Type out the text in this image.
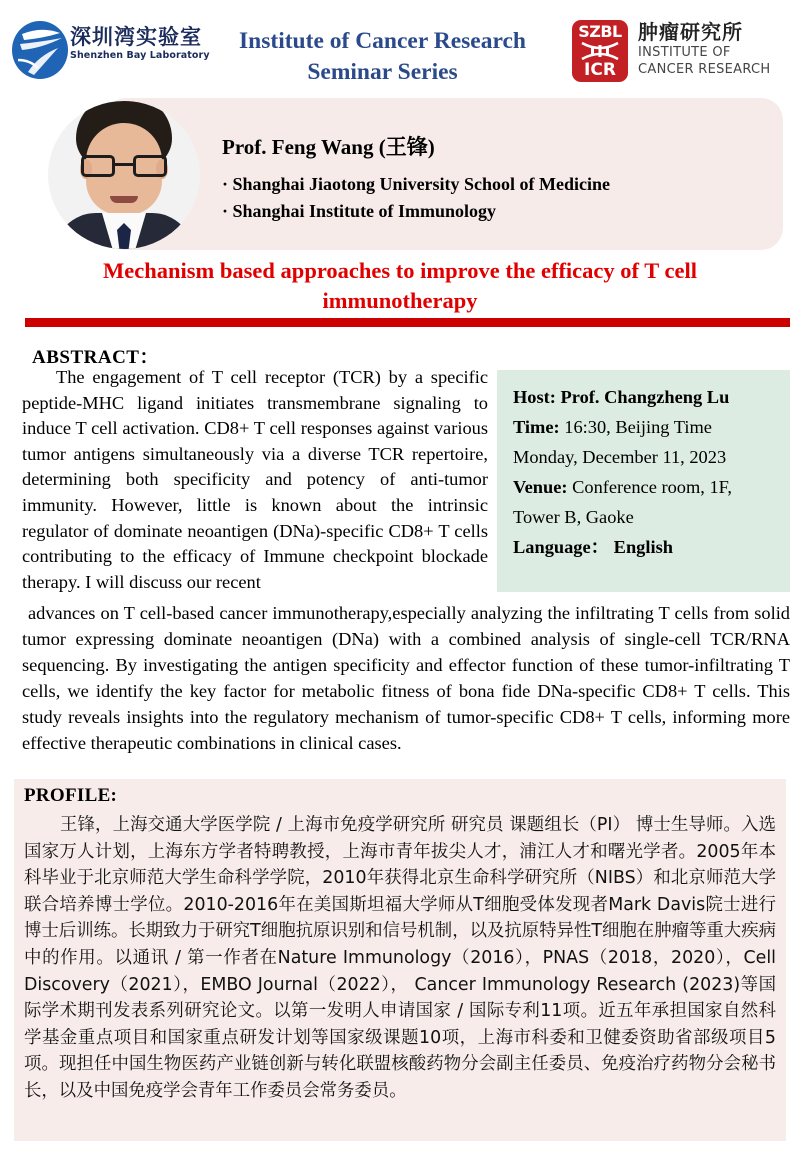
深圳湾实验室
Shenzhen Bay Laboratory
Institute of Cancer Research
Seminar Series
SZBL
ICR
肿瘤研究所
INSTITUTE OF
CANCER RESEARCH
Prof. Feng Wang (王锋)
· Shanghai Jiaotong University School of Medicine
· Shanghai Institute of Immunology
Mechanism based approaches to improve the efficacy of T cell immunotherapy
ABSTRACT：
The engagement of T cell receptor (TCR) by a specific peptide-MHC ligand initiates transmembrane signaling to induce T cell activation. CD8+ T cell responses against various tumor antigens simultaneously via a diverse TCR repertoire, determining both specificity and potency of anti-tumor immunity. However, little is known about the intrinsic regulator of dominate neoantigen (DNa)-specific CD8+ T cells contributing to the efficacy of Immune checkpoint blockade therapy. I will discuss our recent
advances on T cell-based cancer immunotherapy,especially analyzing the infiltrating T cells from solid tumor expressing dominate neoantigen (DNa) with a combined analysis of single-cell TCR/RNA sequencing. By investigating the antigen specificity and effector function of these tumor-infiltrating T cells, we identify the key factor for metabolic fitness of bona fide DNa-specific CD8+ T cells. This study reveals insights into the regulatory mechanism of tumor-specific CD8+ T cells, informing more effective therapeutic combinations in clinical cases.
Host: Prof. Changzheng Lu
Time: 16:30, Beijing Time
Monday, December 11, 2023
Venue: Conference room, 1F,
Tower B, Gaoke
Language： English
PROFILE:
王锋，上海交通大学医学院 / 上海市免疫学研究所 研究员 课题组长（PI） 博士生导师。入选国家万人计划，上海东方学者特聘教授，上海市青年拔尖人才，浦江人才和曙光学者。2005年本科毕业于北京师范大学生命科学学院，2010年获得北京生命科学研究所（NIBS）和北京师范大学联合培养博士学位。2010-2016年在美国斯坦福大学师从T细胞受体发现者Mark Davis院士进行博士后训练。长期致力于研究T细胞抗原识别和信号机制，以及抗原特异性T细胞在肿瘤等重大疾病中的作用。以通讯 / 第一作者在Nature Immunology（2016），PNAS（2018，2020），Cell Discovery（2021），EMBO Journal（2022）， Cancer Immunology Research (2023)等国际学术期刊发表系列研究论文。以第一发明人申请国家 / 国际专利11项。近五年承担国家自然科学基金重点项目和国家重点研发计划等国家级课题10项，上海市科委和卫健委资助省部级项目5项。现担任中国生物医药产业链创新与转化联盟核酸药物分会副主任委员、免疫治疗药物分会秘书长，以及中国免疫学会青年工作委员会常务委员。
